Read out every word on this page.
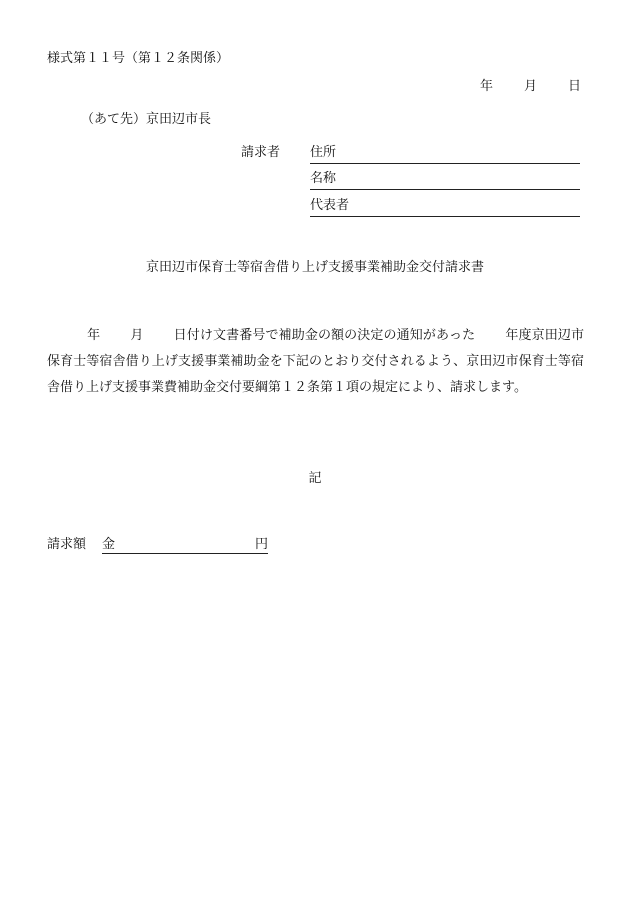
様式第１１号（第１２条関係）
年 月 日
（あて先）京田辺市長
請求者 住所
名称
代表者
京田辺市保育士等宿舎借り上げ支援事業補助金交付請求書
年 月 日付け文書番号で補助金の額の決定の通知があった 年度京田辺市保育士等宿舎借り上げ支援事業補助金を下記のとおり交付されるよう、京田辺市保育士等宿舎借り上げ支援事業費補助金交付要綱第１２条第１項の規定により、請求します。
記
請求額 金	円
